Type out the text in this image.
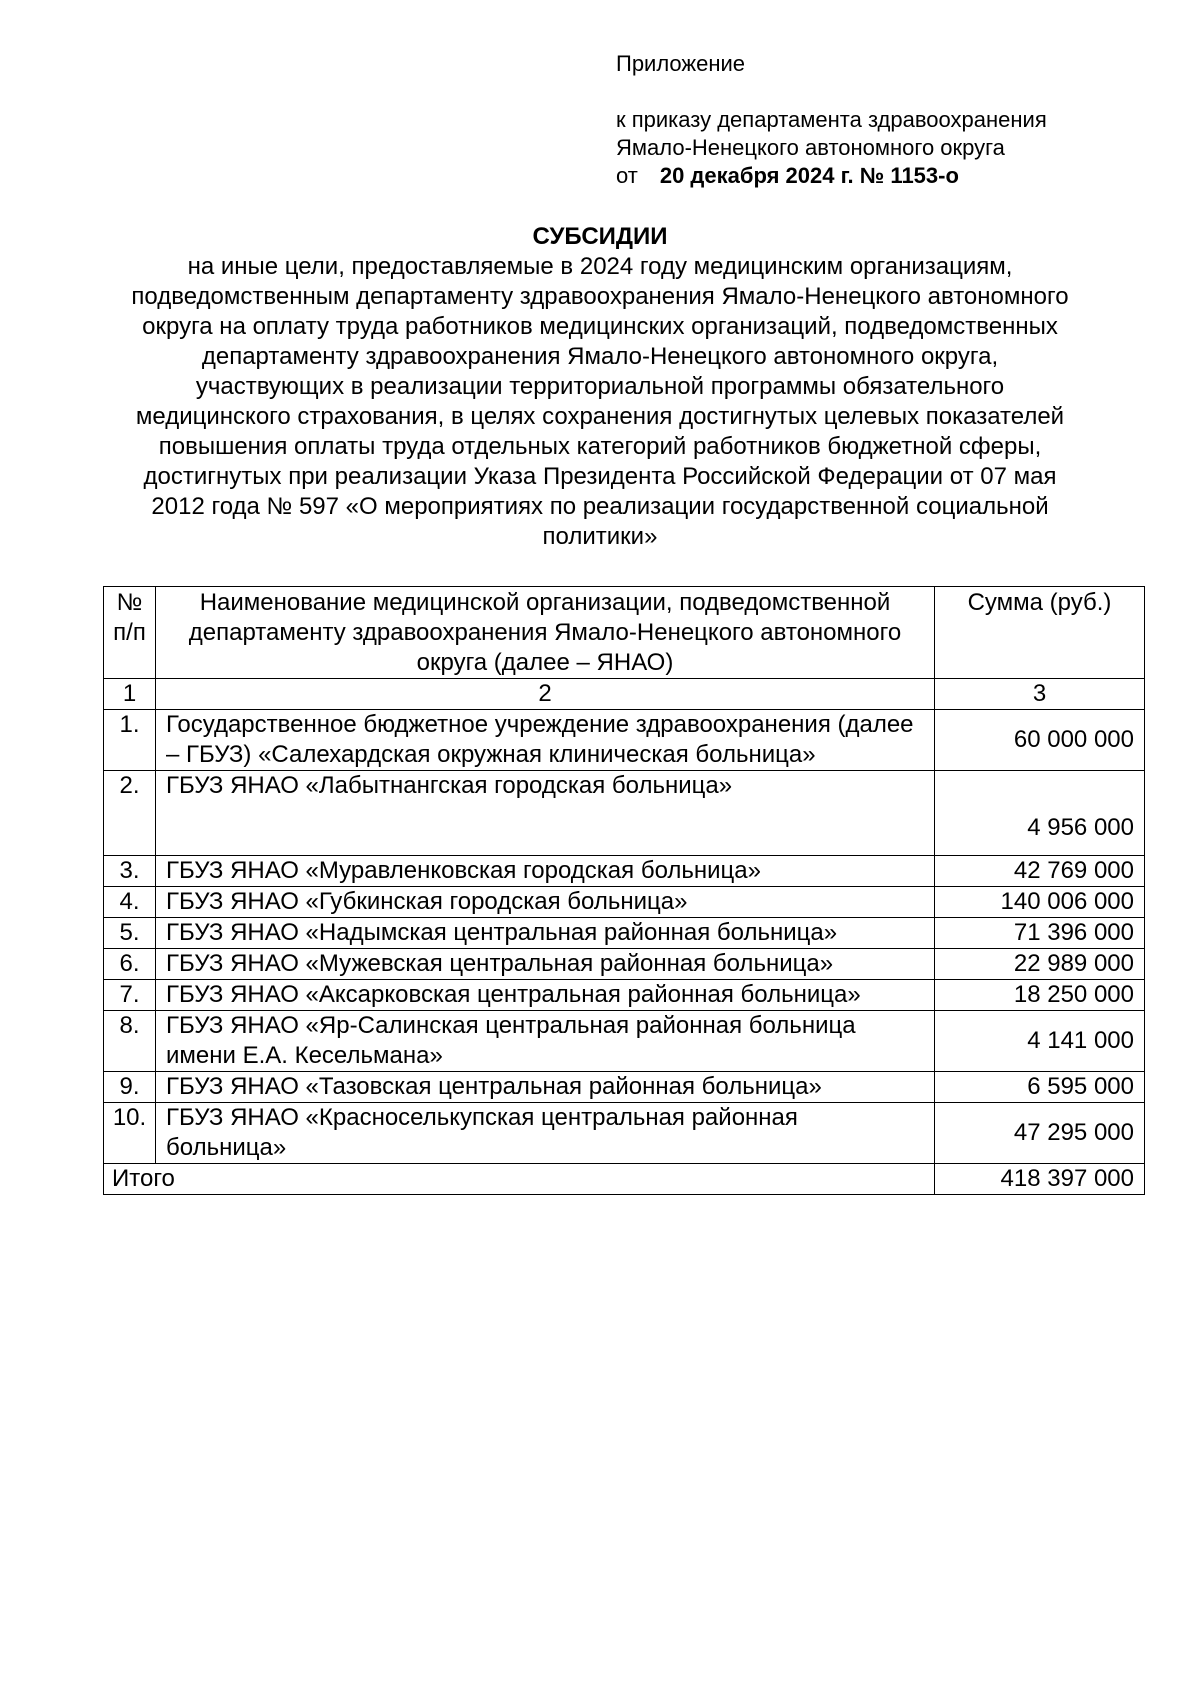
Приложение

к приказу департамента здравоохранения

Ямало-Ненецкого автономного округа

от 20 декабря 2024 г. № 1153-о

СУБСИДИИ
на иные цели, предоставляемые в 2024 году медицинским организациям,
подведомственным департаменту здравоохранения Ямало-Ненецкого автономного
округа на оплату труда работников медицинских организаций, подведомственных
департаменту здравоохранения Ямало-Ненецкого автономного округа,
участвующих в реализации территориальной программы обязательного
медицинского страхования, в целях сохранения достигнутых целевых показателей
повышения оплаты труда отдельных категорий работников бюджетной сферы,
достигнутых при реализации Указа Президента Российской Федерации от 07 мая
2012 года № 597 «О мероприятиях по реализации государственной социальной
политики»
№ п/п	Наименование медицинской организации, подведомственной департаменту здравоохранения Ямало-Ненецкого автономного округа (далее – ЯНАО)	Сумма (руб.)
1	2	3
1.	Государственное бюджетное учреждение здравоохранения (далее – ГБУЗ) «Салехардская окружная клиническая больница»	60 000 000
2.	ГБУЗ ЯНАО «Лабытнангская городская больница»	4 956 000
3.	ГБУЗ ЯНАО «Муравленковская городская больница»	42 769 000
4.	ГБУЗ ЯНАО «Губкинская городская больница»	140 006 000
5.	ГБУЗ ЯНАО «Надымская центральная районная больница»	71 396 000
6.	ГБУЗ ЯНАО «Мужевская центральная районная больница»	22 989 000
7.	ГБУЗ ЯНАО «Аксарковская центральная районная больница»	18 250 000
8.	ГБУЗ ЯНАО «Яр-Салинская центральная районная больница имени Е.А. Кесельмана»	4 141 000
9.	ГБУЗ ЯНАО «Тазовская центральная районная больница»	6 595 000
10.	ГБУЗ ЯНАО «Красноселькупская центральная районная больница»	47 295 000
Итого		418 397 000
